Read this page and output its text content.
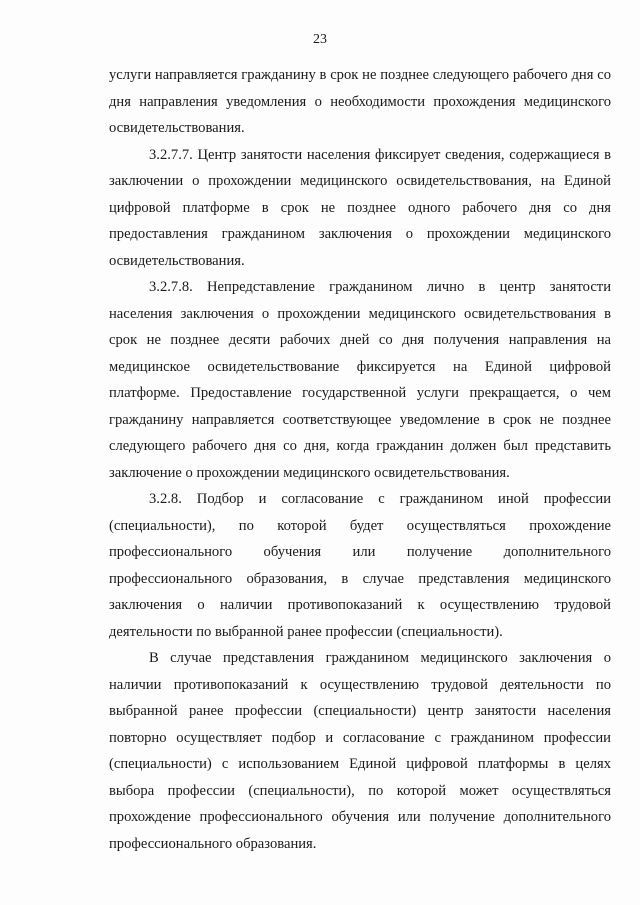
23

услуги направляется гражданину в срок не позднее следующего рабочего дня со дня направления уведомления о необходимости прохождения медицинского освидетельствования.

3.2.7.7. Центр занятости населения фиксирует сведения, содержащиеся в заключении о прохождении медицинского освидетельствования, на Единой цифровой платформе в срок не позднее одного рабочего дня со дня предоставления гражданином заключения о прохождении медицинского освидетельствования.

3.2.7.8. Непредставление гражданином лично в центр занятости населения заключения о прохождении медицинского освидетельствования в срок не позднее десяти рабочих дней со дня получения направления на медицинское освидетельствование фиксируется на Единой цифровой платформе. Предоставление государственной услуги прекращается, о чем гражданину направляется соответствующее уведомление в срок не позднее следующего рабочего дня со дня, когда гражданин должен был представить заключение о прохождении медицинского освидетельствования.

3.2.8. Подбор и согласование с гражданином иной профессии (специальности), по которой будет осуществляться прохождение профессионального обучения или получение дополнительного профессионального образования, в случае представления медицинского заключения о наличии противопоказаний к осуществлению трудовой деятельности по выбранной ранее профессии (специальности).

В случае представления гражданином медицинского заключения о наличии противопоказаний к осуществлению трудовой деятельности по выбранной ранее профессии (специальности) центр занятости населения повторно осуществляет подбор и согласование с гражданином профессии (специальности) с использованием Единой цифровой платформы в целях выбора профессии (специальности), по которой может осуществляться прохождение профессионального обучения или получение дополнительного профессионального образования.
